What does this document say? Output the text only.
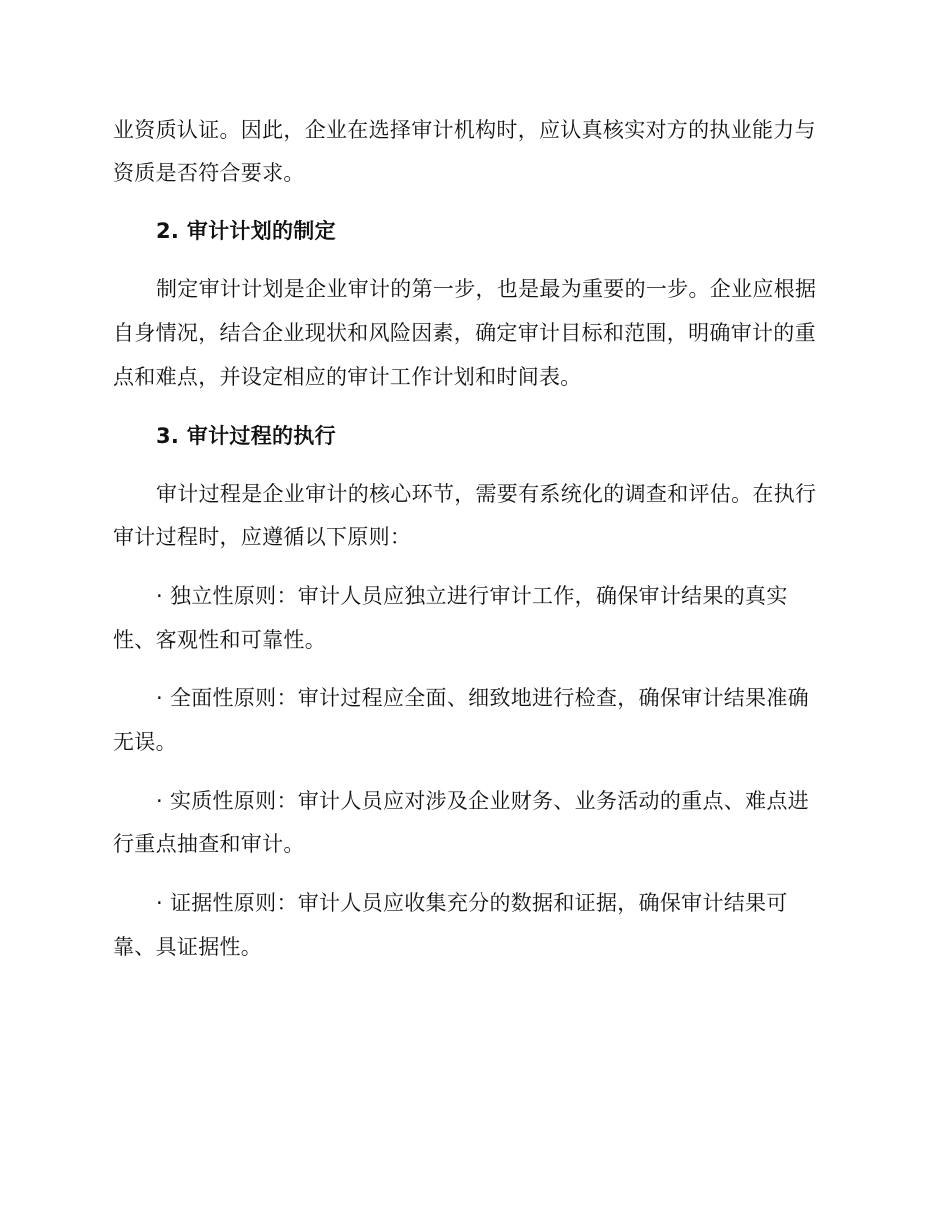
业资质认证。因此，企业在选择审计机构时，应认真核实对方的执业能力与
资质是否符合要求。
2. 审计计划的制定
制定审计计划是企业审计的第一步，也是最为重要的一步。企业应根据
自身情况，结合企业现状和风险因素，确定审计目标和范围，明确审计的重
点和难点，并设定相应的审计工作计划和时间表。
3. 审计过程的执行
审计过程是企业审计的核心环节，需要有系统化的调查和评估。在执行
审计过程时，应遵循以下原则：
· 独立性原则：审计人员应独立进行审计工作，确保审计结果的真实
性、客观性和可靠性。
· 全面性原则：审计过程应全面、细致地进行检查，确保审计结果准确
无误。
· 实质性原则：审计人员应对涉及企业财务、业务活动的重点、难点进
行重点抽查和审计。
· 证据性原则：审计人员应收集充分的数据和证据，确保审计结果可
靠、具证据性。
